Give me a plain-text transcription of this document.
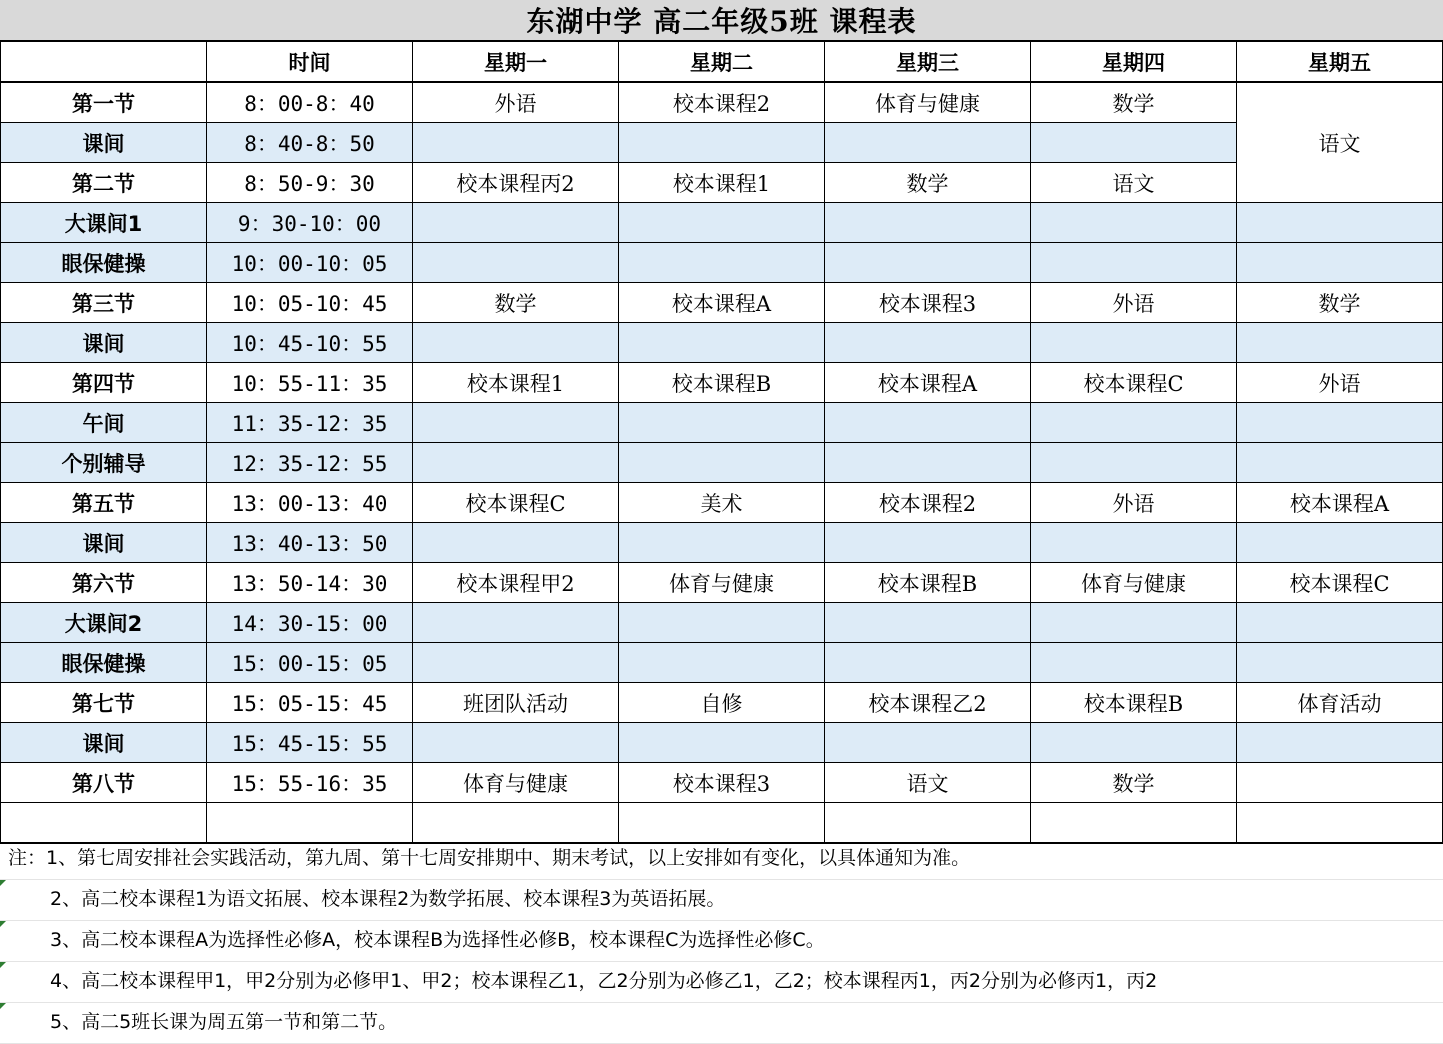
东湖中学 高二年级5班 课程表
	时间	星期一	星期二	星期三	星期四	星期五
第一节	8：00-8：40	外语	校本课程2	体育与健康	数学	语文
课间	8：40-8：50					
第二节	8：50-9：30	校本课程丙2	校本课程1	数学	语文	
大课间1	9：30-10：00					
眼保健操	10：00-10：05					
第三节	10：05-10：45	数学	校本课程A	校本课程3	外语	数学
课间	10：45-10：55					
第四节	10：55-11：35	校本课程1	校本课程B	校本课程A	校本课程C	外语
午间	11：35-12：35					
个别辅导	12：35-12：55					
第五节	13：00-13：40	校本课程C	美术	校本课程2	外语	校本课程A
课间	13：40-13：50					
第六节	13：50-14：30	校本课程甲2	体育与健康	校本课程B	体育与健康	校本课程C
大课间2	14：30-15：00					
眼保健操	15：00-15：05					
第七节	15：05-15：45	班团队活动	自修	校本课程乙2	校本课程B	体育活动
课间	15：45-15：55					
第八节	15：55-16：35	体育与健康	校本课程3	语文	数学	

注：1、第七周安排社会实践活动，第九周、第十七周安排期中、期末考试，以上安排如有变化，以具体通知为准。
2、高二校本课程1为语文拓展、校本课程2为数学拓展、校本课程3为英语拓展。
3、高二校本课程A为选择性必修A，校本课程B为选择性必修B，校本课程C为选择性必修C。
4、高二校本课程甲1，甲2分别为必修甲1、甲2；校本课程乙1，乙2分别为必修乙1，乙2；校本课程丙1，丙2分别为必修丙1，丙2
5、高二5班长课为周五第一节和第二节。
